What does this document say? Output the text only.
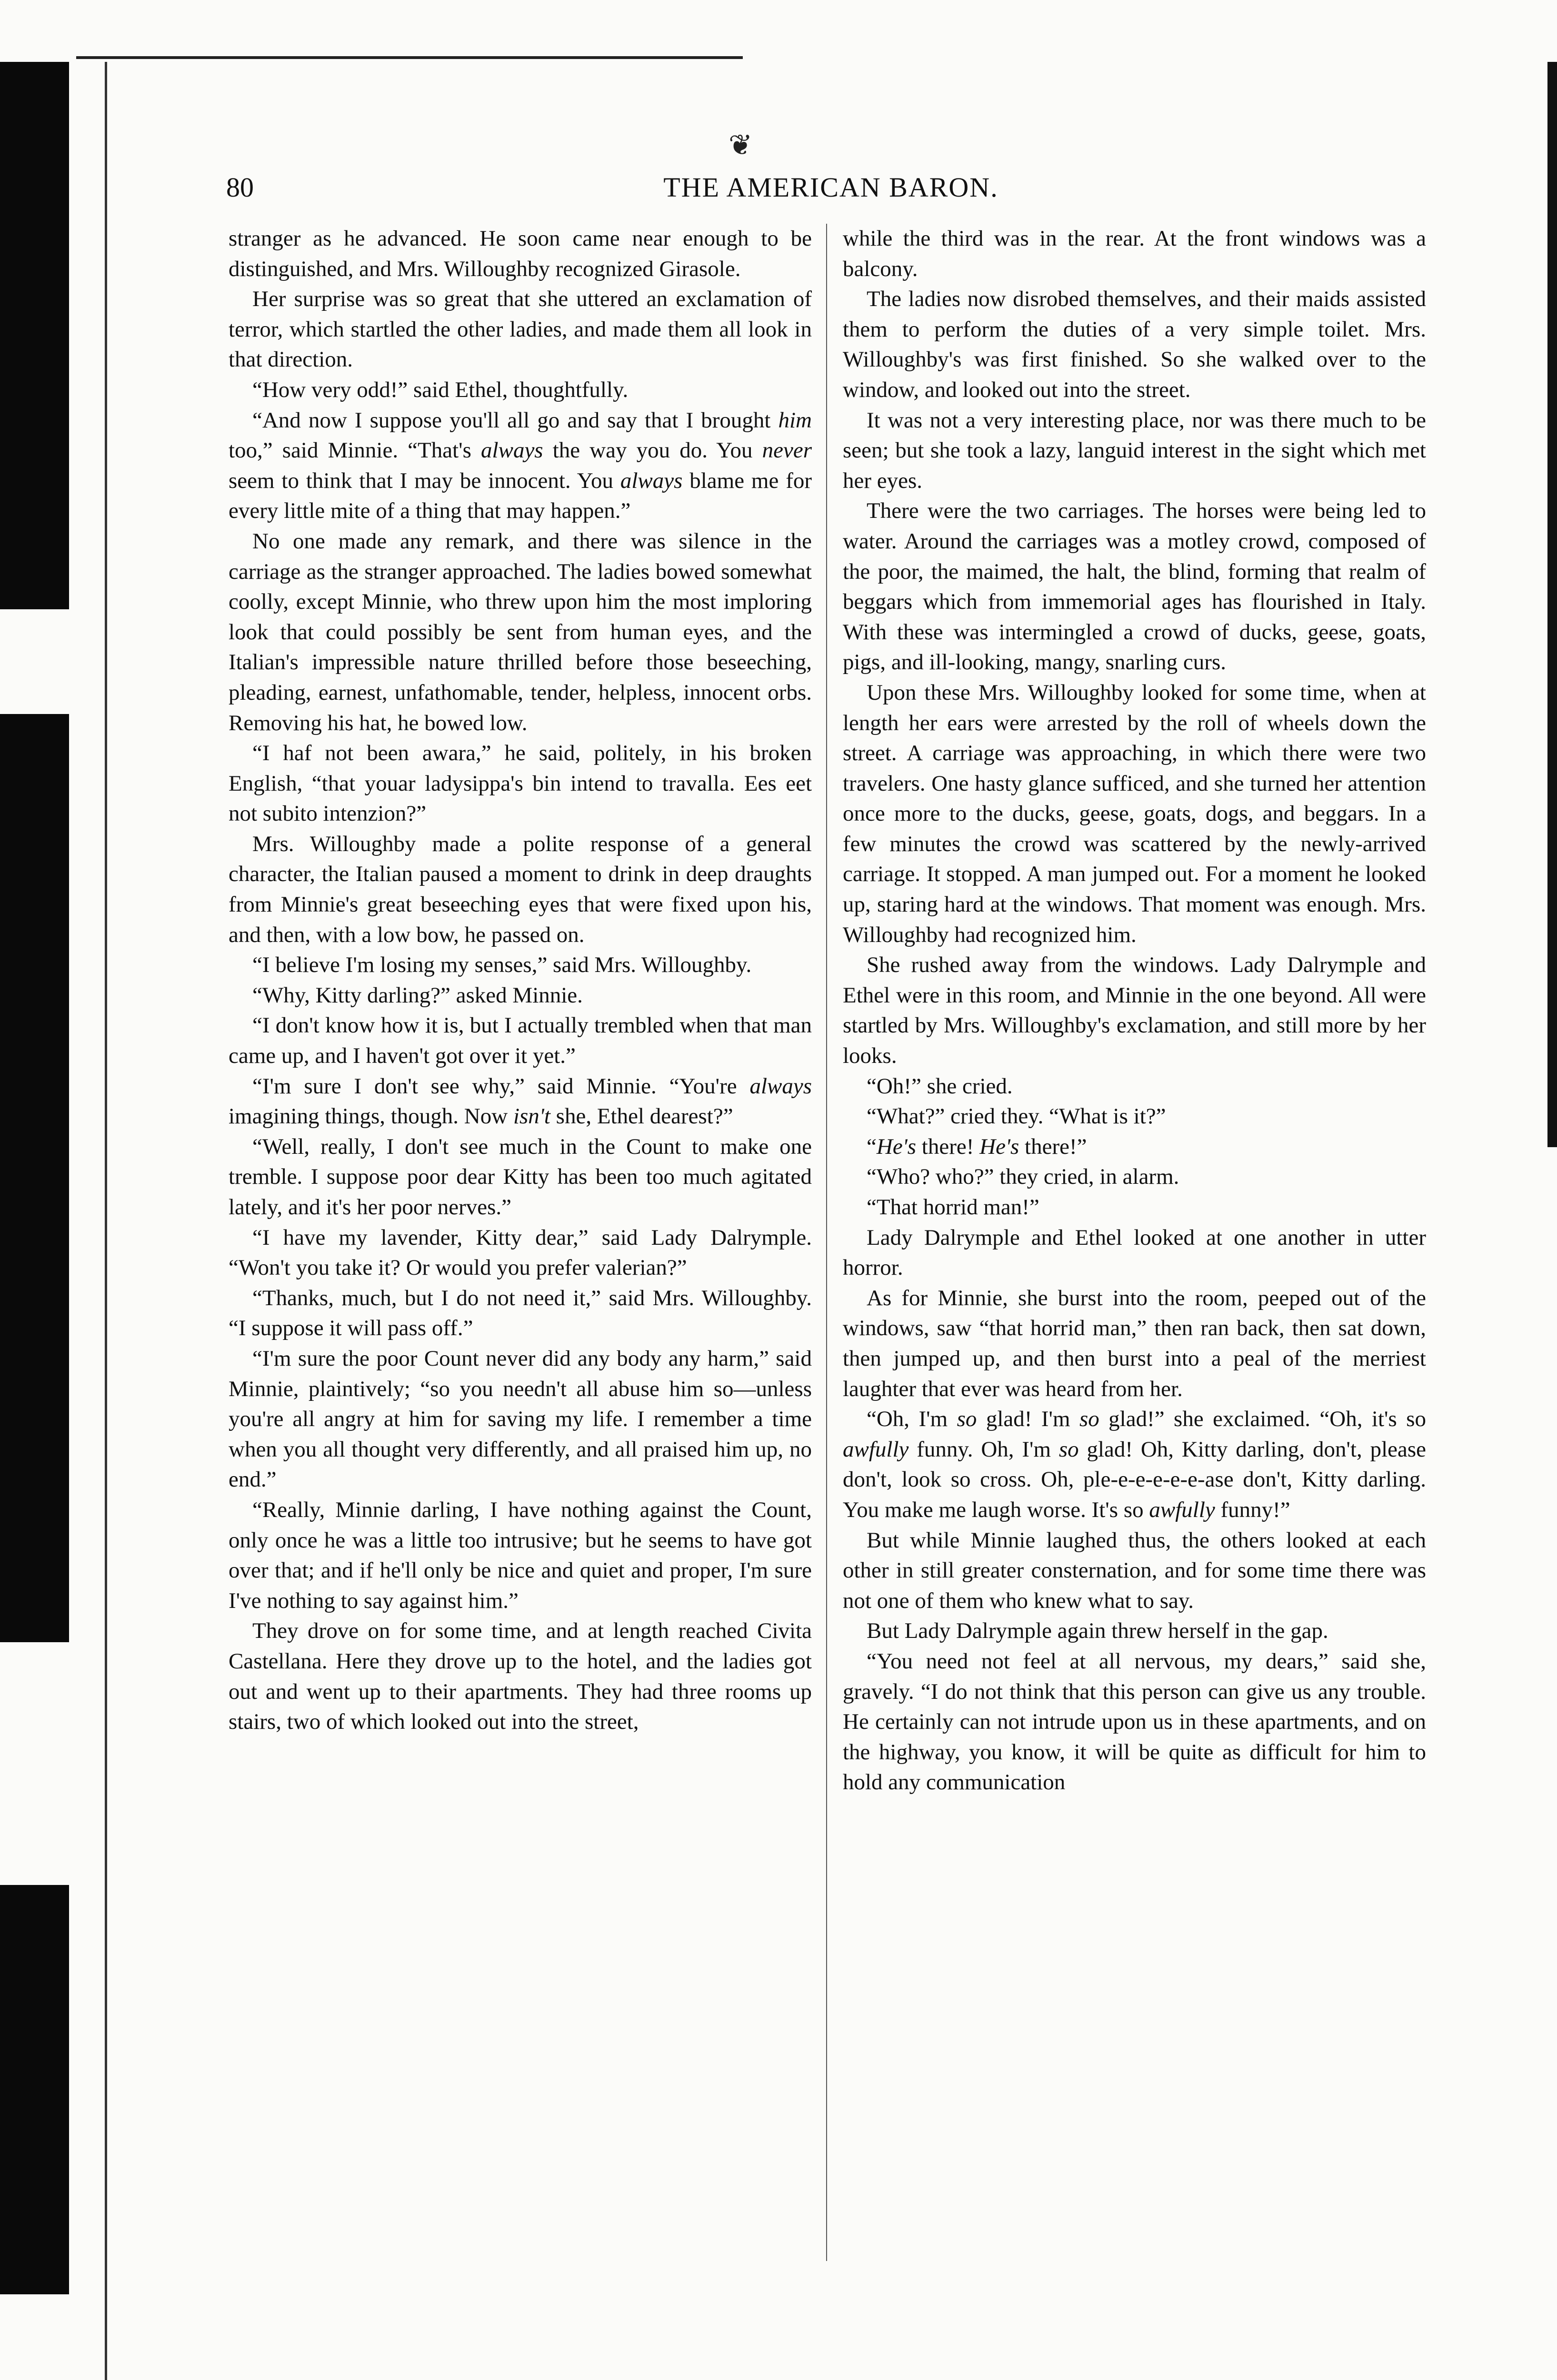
❦
80	THE AMERICAN BARON.

stranger as he advanced. He soon came near enough to be distinguished, and Mrs. Willoughby recognized Girasole.

Her surprise was so great that she uttered an exclamation of terror, which startled the other ladies, and made them all look in that direction.

“How very odd!” said Ethel, thoughtfully.

“And now I suppose you'll all go and say that I brought him too,” said Minnie. “That's always the way you do. You never seem to think that I may be innocent. You always blame me for every little mite of a thing that may happen.”

No one made any remark, and there was silence in the carriage as the stranger approached. The ladies bowed somewhat coolly, except Minnie, who threw upon him the most imploring look that could possibly be sent from human eyes, and the Italian's impressible nature thrilled before those beseeching, pleading, earnest, unfathomable, tender, helpless, innocent orbs. Removing his hat, he bowed low.

“I haf not been awara,” he said, politely, in his broken English, “that youar ladysippa's bin intend to travalla. Ees eet not subito intenzion?”

Mrs. Willoughby made a polite response of a general character, the Italian paused a moment to drink in deep draughts from Minnie's great beseeching eyes that were fixed upon his, and then, with a low bow, he passed on.

“I believe I'm losing my senses,” said Mrs. Willoughby.

“Why, Kitty darling?” asked Minnie.

“I don't know how it is, but I actually trembled when that man came up, and I haven't got over it yet.”

“I'm sure I don't see why,” said Minnie. “You're always imagining things, though. Now isn't she, Ethel dearest?”

“Well, really, I don't see much in the Count to make one tremble. I suppose poor dear Kitty has been too much agitated lately, and it's her poor nerves.”

“I have my lavender, Kitty dear,” said Lady Dalrymple. “Won't you take it? Or would you prefer valerian?”

“Thanks, much, but I do not need it,” said Mrs. Willoughby. “I suppose it will pass off.”

“I'm sure the poor Count never did any body any harm,” said Minnie, plaintively; “so you needn't all abuse him so—unless you're all angry at him for saving my life. I remember a time when you all thought very differently, and all praised him up, no end.”

“Really, Minnie darling, I have nothing against the Count, only once he was a little too intrusive; but he seems to have got over that; and if he'll only be nice and quiet and proper, I'm sure I've nothing to say against him.”

They drove on for some time, and at length reached Civita Castellana. Here they drove up to the hotel, and the ladies got out and went up to their apartments. They had three rooms up stairs, two of which looked out into the street,

while the third was in the rear. At the front windows was a balcony.

The ladies now disrobed themselves, and their maids assisted them to perform the duties of a very simple toilet. Mrs. Willoughby's was first finished. So she walked over to the window, and looked out into the street.

It was not a very interesting place, nor was there much to be seen; but she took a lazy, languid interest in the sight which met her eyes.

There were the two carriages. The horses were being led to water. Around the carriages was a motley crowd, composed of the poor, the maimed, the halt, the blind, forming that realm of beggars which from immemorial ages has flourished in Italy. With these was intermingled a crowd of ducks, geese, goats, pigs, and ill-looking, mangy, snarling curs.

Upon these Mrs. Willoughby looked for some time, when at length her ears were arrested by the roll of wheels down the street. A carriage was approaching, in which there were two travelers. One hasty glance sufficed, and she turned her attention once more to the ducks, geese, goats, dogs, and beggars. In a few minutes the crowd was scattered by the newly-arrived carriage. It stopped. A man jumped out. For a moment he looked up, staring hard at the windows. That moment was enough. Mrs. Willoughby had recognized him.

She rushed away from the windows. Lady Dalrymple and Ethel were in this room, and Minnie in the one beyond. All were startled by Mrs. Willoughby's exclamation, and still more by her looks.

“Oh!” she cried.

“What?” cried they. “What is it?”

“He's there! He's there!”

“Who? who?” they cried, in alarm.

“That horrid man!”

Lady Dalrymple and Ethel looked at one another in utter horror.

As for Minnie, she burst into the room, peeped out of the windows, saw “that horrid man,” then ran back, then sat down, then jumped up, and then burst into a peal of the merriest laughter that ever was heard from her.

“Oh, I'm so glad! I'm so glad!” she exclaimed. “Oh, it's so awfully funny. Oh, I'm so glad! Oh, Kitty darling, don't, please don't, look so cross. Oh, ple-e-e-e-e-e-ase don't, Kitty darling. You make me laugh worse. It's so awfully funny!”

But while Minnie laughed thus, the others looked at each other in still greater consternation, and for some time there was not one of them who knew what to say.

But Lady Dalrymple again threw herself in the gap.

“You need not feel at all nervous, my dears,” said she, gravely. “I do not think that this person can give us any trouble. He certainly can not intrude upon us in these apartments, and on the highway, you know, it will be quite as difficult for him to hold any communication
